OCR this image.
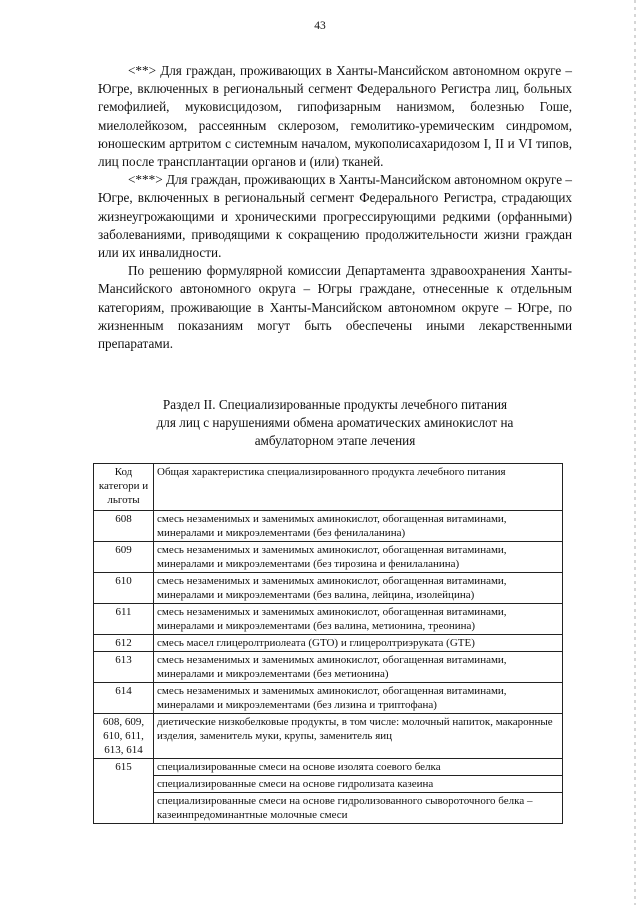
43

<**> Для граждан, проживающих в Ханты-Мансийском автономном округе – Югре, включенных в региональный сегмент Федерального Регистра лиц, больных гемофилией, муковисцидозом, гипофизарным нанизмом, болезнью Гоше, миелолейкозом, рассеянным склерозом, гемолитико-уремическим синдромом, юношеским артритом с системным началом, мукополисахаридозом I, II и VI типов, лиц после трансплантации органов и (или) тканей.

<***> Для граждан, проживающих в Ханты-Мансийском автономном округе – Югре, включенных в региональный сегмент Федерального Регистра, страдающих жизнеугрожающими и хроническими прогрессирующими редкими (орфанными) заболеваниями, приводящими к сокращению продолжительности жизни граждан или их инвалидности.

По решению формулярной комиссии Департамента здравоохранения Ханты-Мансийского автономного округа – Югры граждане, отнесенные к отдельным категориям, проживающие в Ханты-Мансийском автономном округе – Югре, по жизненным показаниям могут быть обеспечены иными лекарственными препаратами.

Раздел II. Специализированные продукты лечебного питания
для лиц с нарушениями обмена ароматических аминокислот на
амбулаторном этапе лечения
Код категори и льготы	Общая характеристика специализированного продукта лечебного питания
608	смесь незаменимых и заменимых аминокислот, обогащенная витаминами, минералами и микроэлементами (без фенилаланина)
609	смесь незаменимых и заменимых аминокислот, обогащенная витаминами, минералами и микроэлементами (без тирозина и фенилаланина)
610	смесь незаменимых и заменимых аминокислот, обогащенная витаминами, минералами и микроэлементами (без валина, лейцина, изолейцина)
611	смесь незаменимых и заменимых аминокислот, обогащенная витаминами, минералами и микроэлементами (без валина, метионина, треонина)
612	смесь масел глицеролтриолеата (GTO) и глицеролтриэруката (GTE)
613	смесь незаменимых и заменимых аминокислот, обогащенная витаминами, минералами и микроэлементами (без метионина)
614	смесь незаменимых и заменимых аминокислот, обогащенная витаминами, минералами и микроэлементами (без лизина и триптофана)
608, 609, 610, 611, 613, 614	диетические низкобелковые продукты, в том числе: молочный напиток, макаронные изделия, заменитель муки, крупы, заменитель яиц
615	специализированные смеси на основе изолята соевого белка
	специализированные смеси на основе гидролизата казеина
	специализированные смеси на основе гидролизованного сывороточного белка – казеинпредоминантные молочные смеси
